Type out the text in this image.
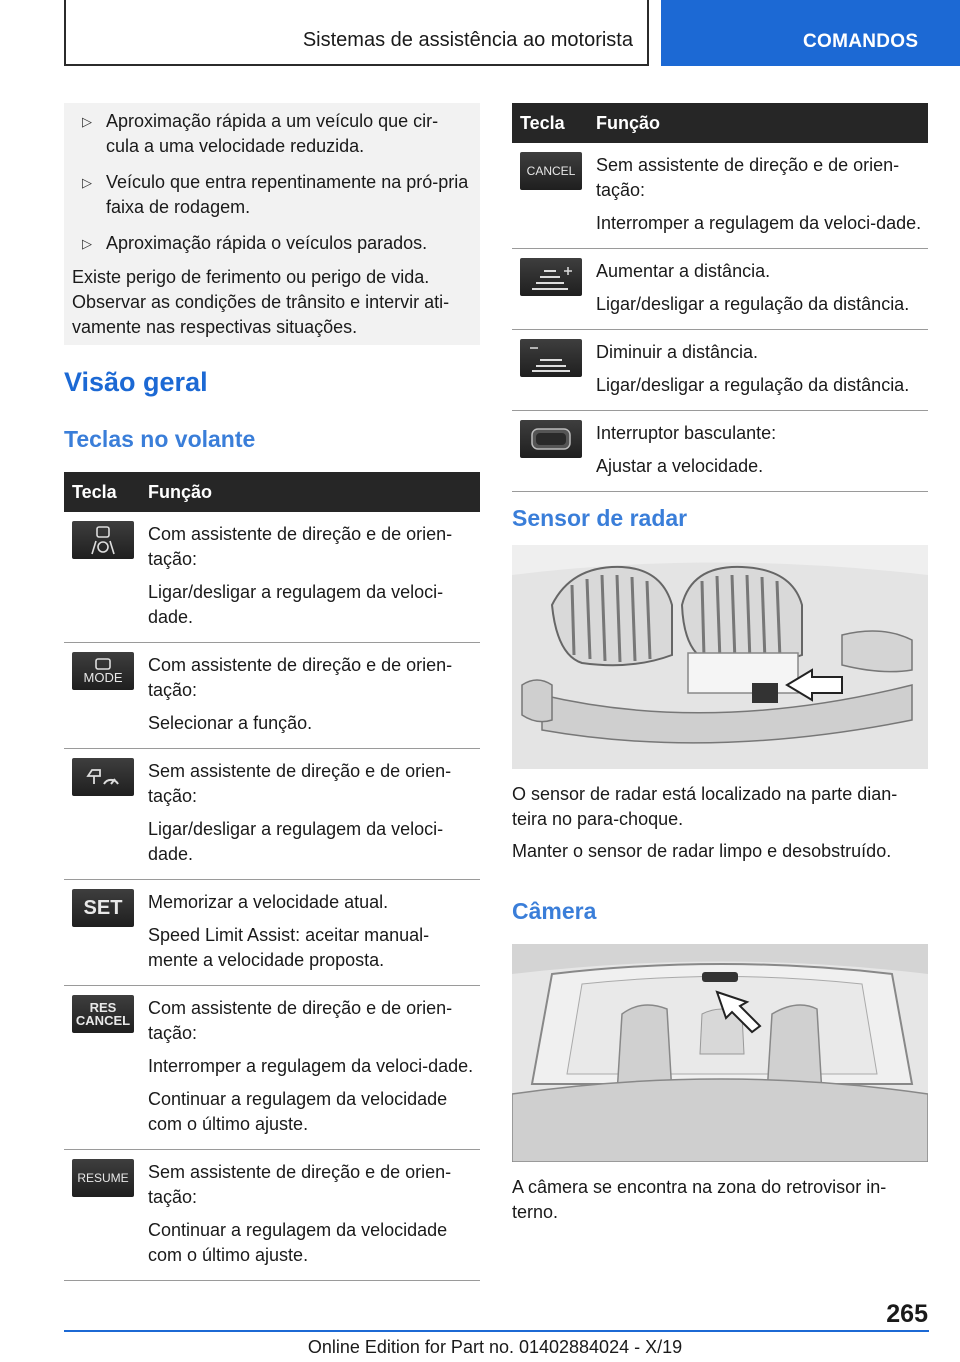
Sistemas de assistência ao motorista	COMANDOS
▷ Aproximação rápida a um veículo que cir-cula a uma velocidade reduzida.
▷ Veículo que entra repentinamente na pró-pria faixa de rodagem.
▷ Aproximação rápida o veículos parados.

Existe perigo de ferimento ou perigo de vida. Observar as condições de trânsito e intervir ati-vamente nas respectivas situações.

Visão geral
Teclas no volante
Tecla Função

Com assistente de direção e de orien-tação:

Ligar/desligar a regulagem da veloci-dade.

MODE

Com assistente de direção e de orien-tação:

Selecionar a função.

Sem assistente de direção e de orien-tação:

Ligar/desligar a regulagem da veloci-dade.

SET Memorizar a velocidade atual.

Speed Limit Assist: aceitar manual-mente a velocidade proposta.

RES CANCEL

Com assistente de direção e de orien-tação:

Interromper a regulagem da veloci-dade.

Continuar a regulagem da velocidade com o último ajuste.

RESUME Sem assistente de direção e de orien-tação:

Continuar a regulagem da velocidade com o último ajuste.

Tecla Função
CANCEL Sem assistente de direção e de orien-tação:

Interromper a regulagem da veloci-dade.

Aumentar a distância.

Ligar/desligar a regulação da distância.

Diminuir a distância.

Ligar/desligar a regulação da distância.

Interruptor basculante:

Ajustar a velocidade.

Sensor de radar
O sensor de radar está localizado na parte dian-teira no para-choque.
Manter o sensor de radar limpo e desobstruído.
Câmera
A câmera se encontra na zona do retrovisor in-terno.
265
Online Edition for Part no. 01402884024 - X/19
